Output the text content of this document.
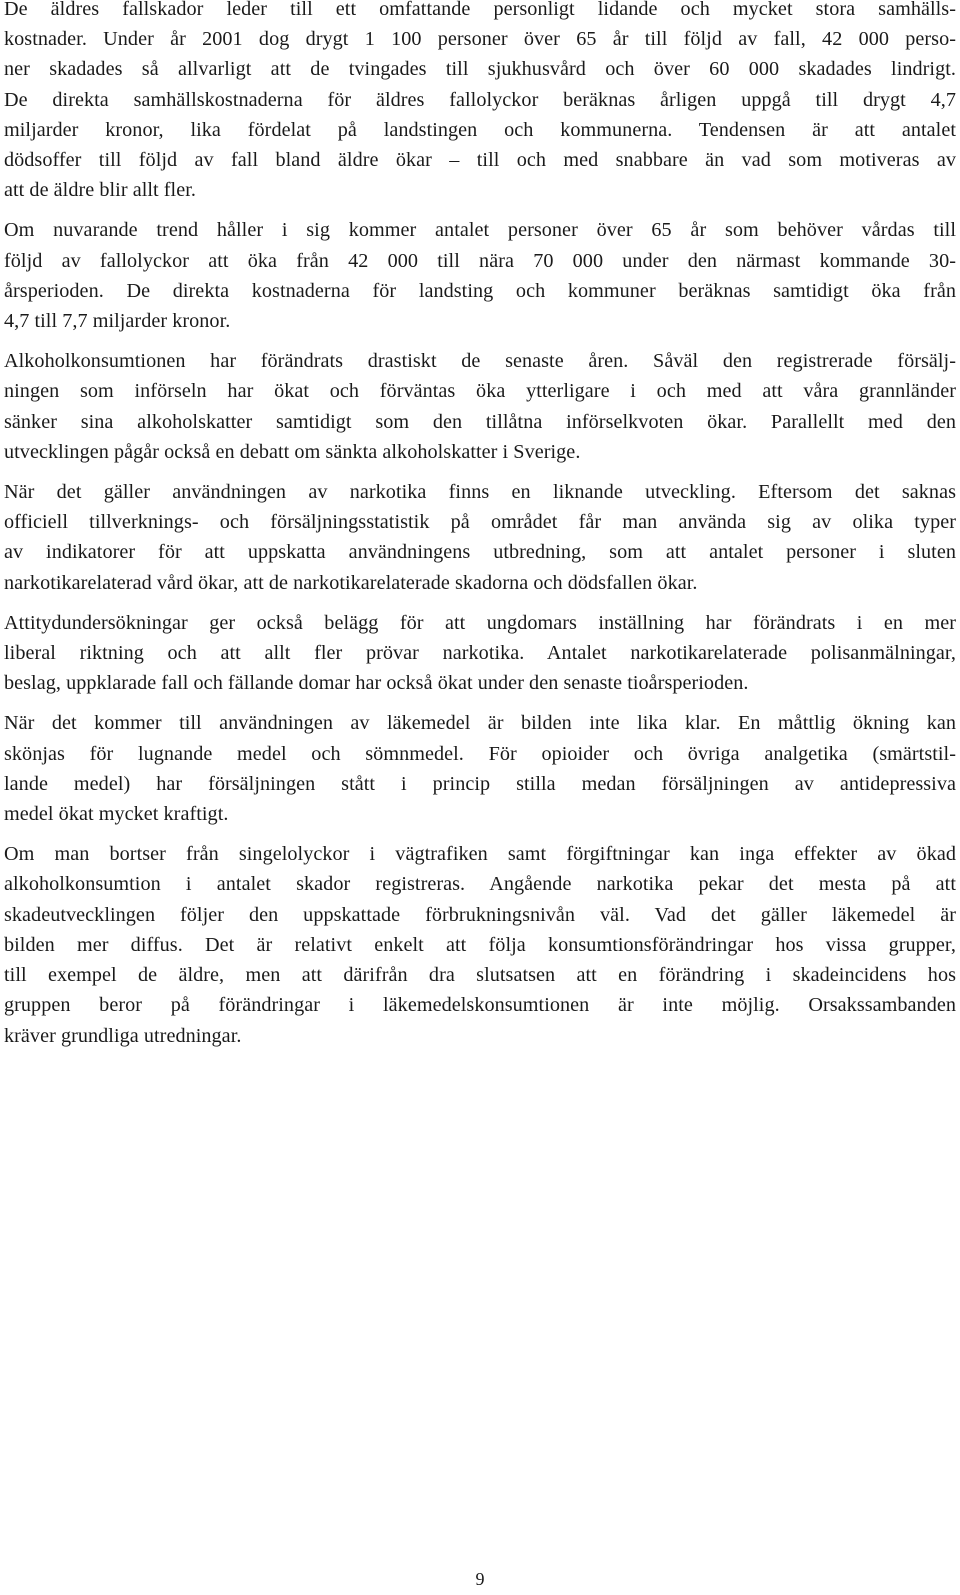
De äldres fallskador leder till ett omfattande personligt lidande och mycket stora samhälls-
kostnader. Under år 2001 dog drygt 1 100 personer över 65 år till följd av fall, 42 000 perso-
ner skadades så allvarligt att de tvingades till sjukhusvård och över 60 000 skadades lindrigt.
De direkta samhällskostnaderna för äldres fallolyckor beräknas årligen uppgå till drygt 4,7
miljarder kronor, lika fördelat på landstingen och kommunerna. Tendensen är att antalet
dödsoffer till följd av fall bland äldre ökar – till och med snabbare än vad som motiveras av
att de äldre blir allt fler.

Om nuvarande trend håller i sig kommer antalet personer över 65 år som behöver vårdas till
följd av fallolyckor att öka från 42 000 till nära 70 000 under den närmast kommande 30-
årsperioden. De direkta kostnaderna för landsting och kommuner beräknas samtidigt öka från
4,7 till 7,7 miljarder kronor.

Alkoholkonsumtionen har förändrats drastiskt de senaste åren. Såväl den registrerade försälj-
ningen som införseln har ökat och förväntas öka ytterligare i och med att våra grannländer
sänker sina alkoholskatter samtidigt som den tillåtna införselkvoten ökar. Parallellt med den
utvecklingen pågår också en debatt om sänkta alkoholskatter i Sverige.

När det gäller användningen av narkotika finns en liknande utveckling. Eftersom det saknas
officiell tillverknings- och försäljningsstatistik på området får man använda sig av olika typer
av indikatorer för att uppskatta användningens utbredning, som att antalet personer i sluten
narkotikarelaterad vård ökar, att de narkotikarelaterade skadorna och dödsfallen ökar.

Attitydundersökningar ger också belägg för att ungdomars inställning har förändrats i en mer
liberal riktning och att allt fler prövar narkotika. Antalet narkotikarelaterade polisanmälningar,
beslag, uppklarade fall och fällande domar har också ökat under den senaste tioårsperioden.

När det kommer till användningen av läkemedel är bilden inte lika klar. En måttlig ökning kan
skönjas för lugnande medel och sömnmedel. För opioider och övriga analgetika (smärtstil-
lande medel) har försäljningen stått i princip stilla medan försäljningen av antidepressiva
medel ökat mycket kraftigt.

Om man bortser från singelolyckor i vägtrafiken samt förgiftningar kan inga effekter av ökad
alkoholkonsumtion i antalet skador registreras. Angående narkotika pekar det mesta på att
skadeutvecklingen följer den uppskattade förbrukningsnivån väl. Vad det gäller läkemedel är
bilden mer diffus. Det är relativt enkelt att följa konsumtionsförändringar hos vissa grupper,
till exempel de äldre, men att därifrån dra slutsatsen att en förändring i skadeincidens hos
gruppen beror på förändringar i läkemedelskonsumtionen är inte möjlig. Orsakssambanden
kräver grundliga utredningar.

9
